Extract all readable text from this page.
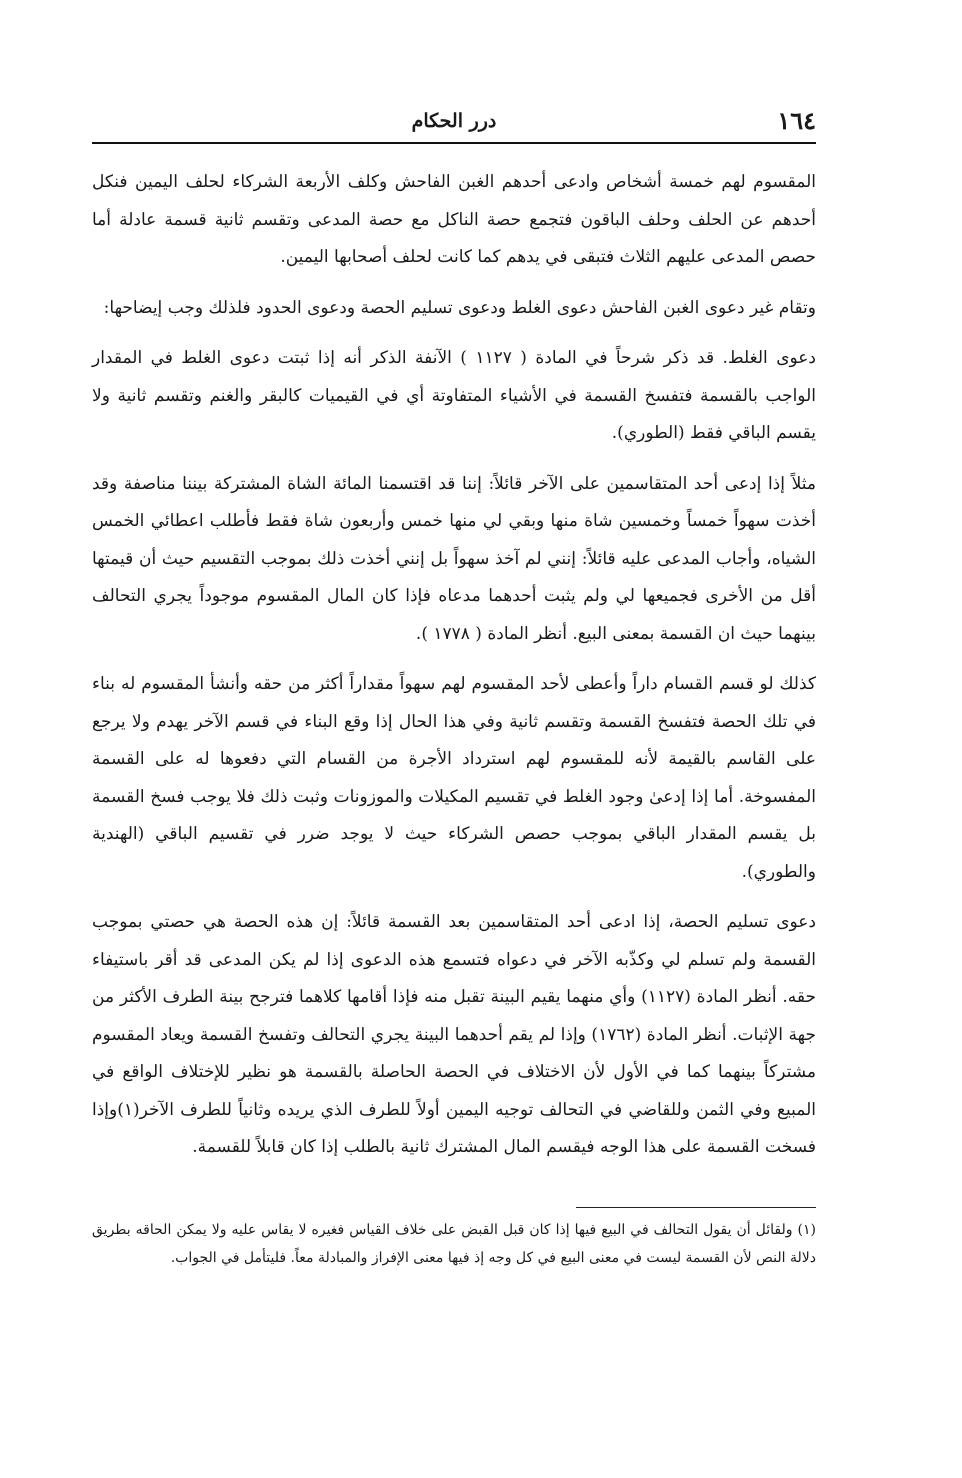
١٦٤
درر الحكام

المقسوم لهم خمسة أشخاص وادعى أحدهم الغبن الفاحش وكلف الأربعة الشركاء لحلف اليمين فنكل أحدهم عن الحلف وحلف الباقون فتجمع حصة الناكل مع حصة المدعى وتقسم ثانية قسمة عادلة أما حصص المدعى عليهم الثلاث فتبقى في يدهم كما كانت لحلف أصحابها اليمين.

وتقام غير دعوى الغبن الفاحش دعوى الغلط ودعوى تسليم الحصة ودعوى الحدود فلذلك وجب إيضاحها:

دعوى الغلط. قد ذكر شرحاً في المادة ( ١١٢٧ ) الآنفة الذكر أنه إذا ثبتت دعوى الغلط في المقدار الواجب بالقسمة فتفسخ القسمة في الأشياء المتفاوتة أي في القيميات كالبقر والغنم وتقسم ثانية ولا يقسم الباقي فقط (الطوري).

مثلاً إذا إدعى أحد المتقاسمين على الآخر قائلاً: إننا قد اقتسمنا المائة الشاة المشتركة بيننا مناصفة وقد أخذت سهواً خمساً وخمسين شاة منها وبقي لي منها خمس وأربعون شاة فقط فأطلب اعطائي الخمس الشياه، وأجاب المدعى عليه قائلاً: إنني لم آخذ سهواً بل إنني أخذت ذلك بموجب التقسيم حيث أن قيمتها أقل من الأخرى فجميعها لي ولم يثبت أحدهما مدعاه فإذا كان المال المقسوم موجوداً يجري التحالف بينهما حيث ان القسمة بمعنى البيع. أنظر المادة ( ١٧٧٨ ).

كذلك لو قسم القسام داراً وأعطى لأحد المقسوم لهم سهواً مقداراً أكثر من حقه وأنشأ المقسوم له بناء في تلك الحصة فتفسخ القسمة وتقسم ثانية وفي هذا الحال إذا وقع البناء في قسم الآخر يهدم ولا يرجع على القاسم بالقيمة لأنه للمقسوم لهم استرداد الأجرة من القسام التي دفعوها له على القسمة المفسوخة. أما إذا إدعىٰ وجود الغلط في تقسيم المكيلات والموزونات وثبت ذلك فلا يوجب فسخ القسمة بل يقسم المقدار الباقي بموجب حصص الشركاء حيث لا يوجد ضرر في تقسيم الباقي (الهندية والطوري).

دعوى تسليم الحصة، إذا ادعى أحد المتقاسمين بعد القسمة قائلاً: إن هذه الحصة هي حصتي بموجب القسمة ولم تسلم لي وكذّبه الآخر في دعواه فتسمع هذه الدعوى إذا لم يكن المدعى قد أقر باستيفاء حقه. أنظر المادة (١١٢٧) وأي منهما يقيم البينة تقبل منه فإذا أقامها كلاهما فترجح بينة الطرف الأكثر من جهة الإثبات. أنظر المادة (١٧٦٢) وإذا لم يقم أحدهما البينة يجري التحالف وتفسخ القسمة ويعاد المقسوم مشتركاً بينهما كما في الأول لأن الاختلاف في الحصة الحاصلة بالقسمة هو نظير للإختلاف الواقع في المبيع وفي الثمن وللقاضي في التحالف توجيه اليمين أولاً للطرف الذي يريده وثانياً للطرف الآخر(١)وإذا فسخت القسمة على هذا الوجه فيقسم المال المشترك ثانية بالطلب إذا كان قابلاً للقسمة.

(١) ولقائل أن يقول التحالف في البيع فيها إذا كان قبل القبض على خلاف القياس فغيره لا يقاس عليه ولا يمكن الحاقه بطريق دلالة النص لأن القسمة ليست في معنى البيع في كل وجه إذ فيها معنى الإفراز والمبادلة معاً. فليتأمل في الجواب.
